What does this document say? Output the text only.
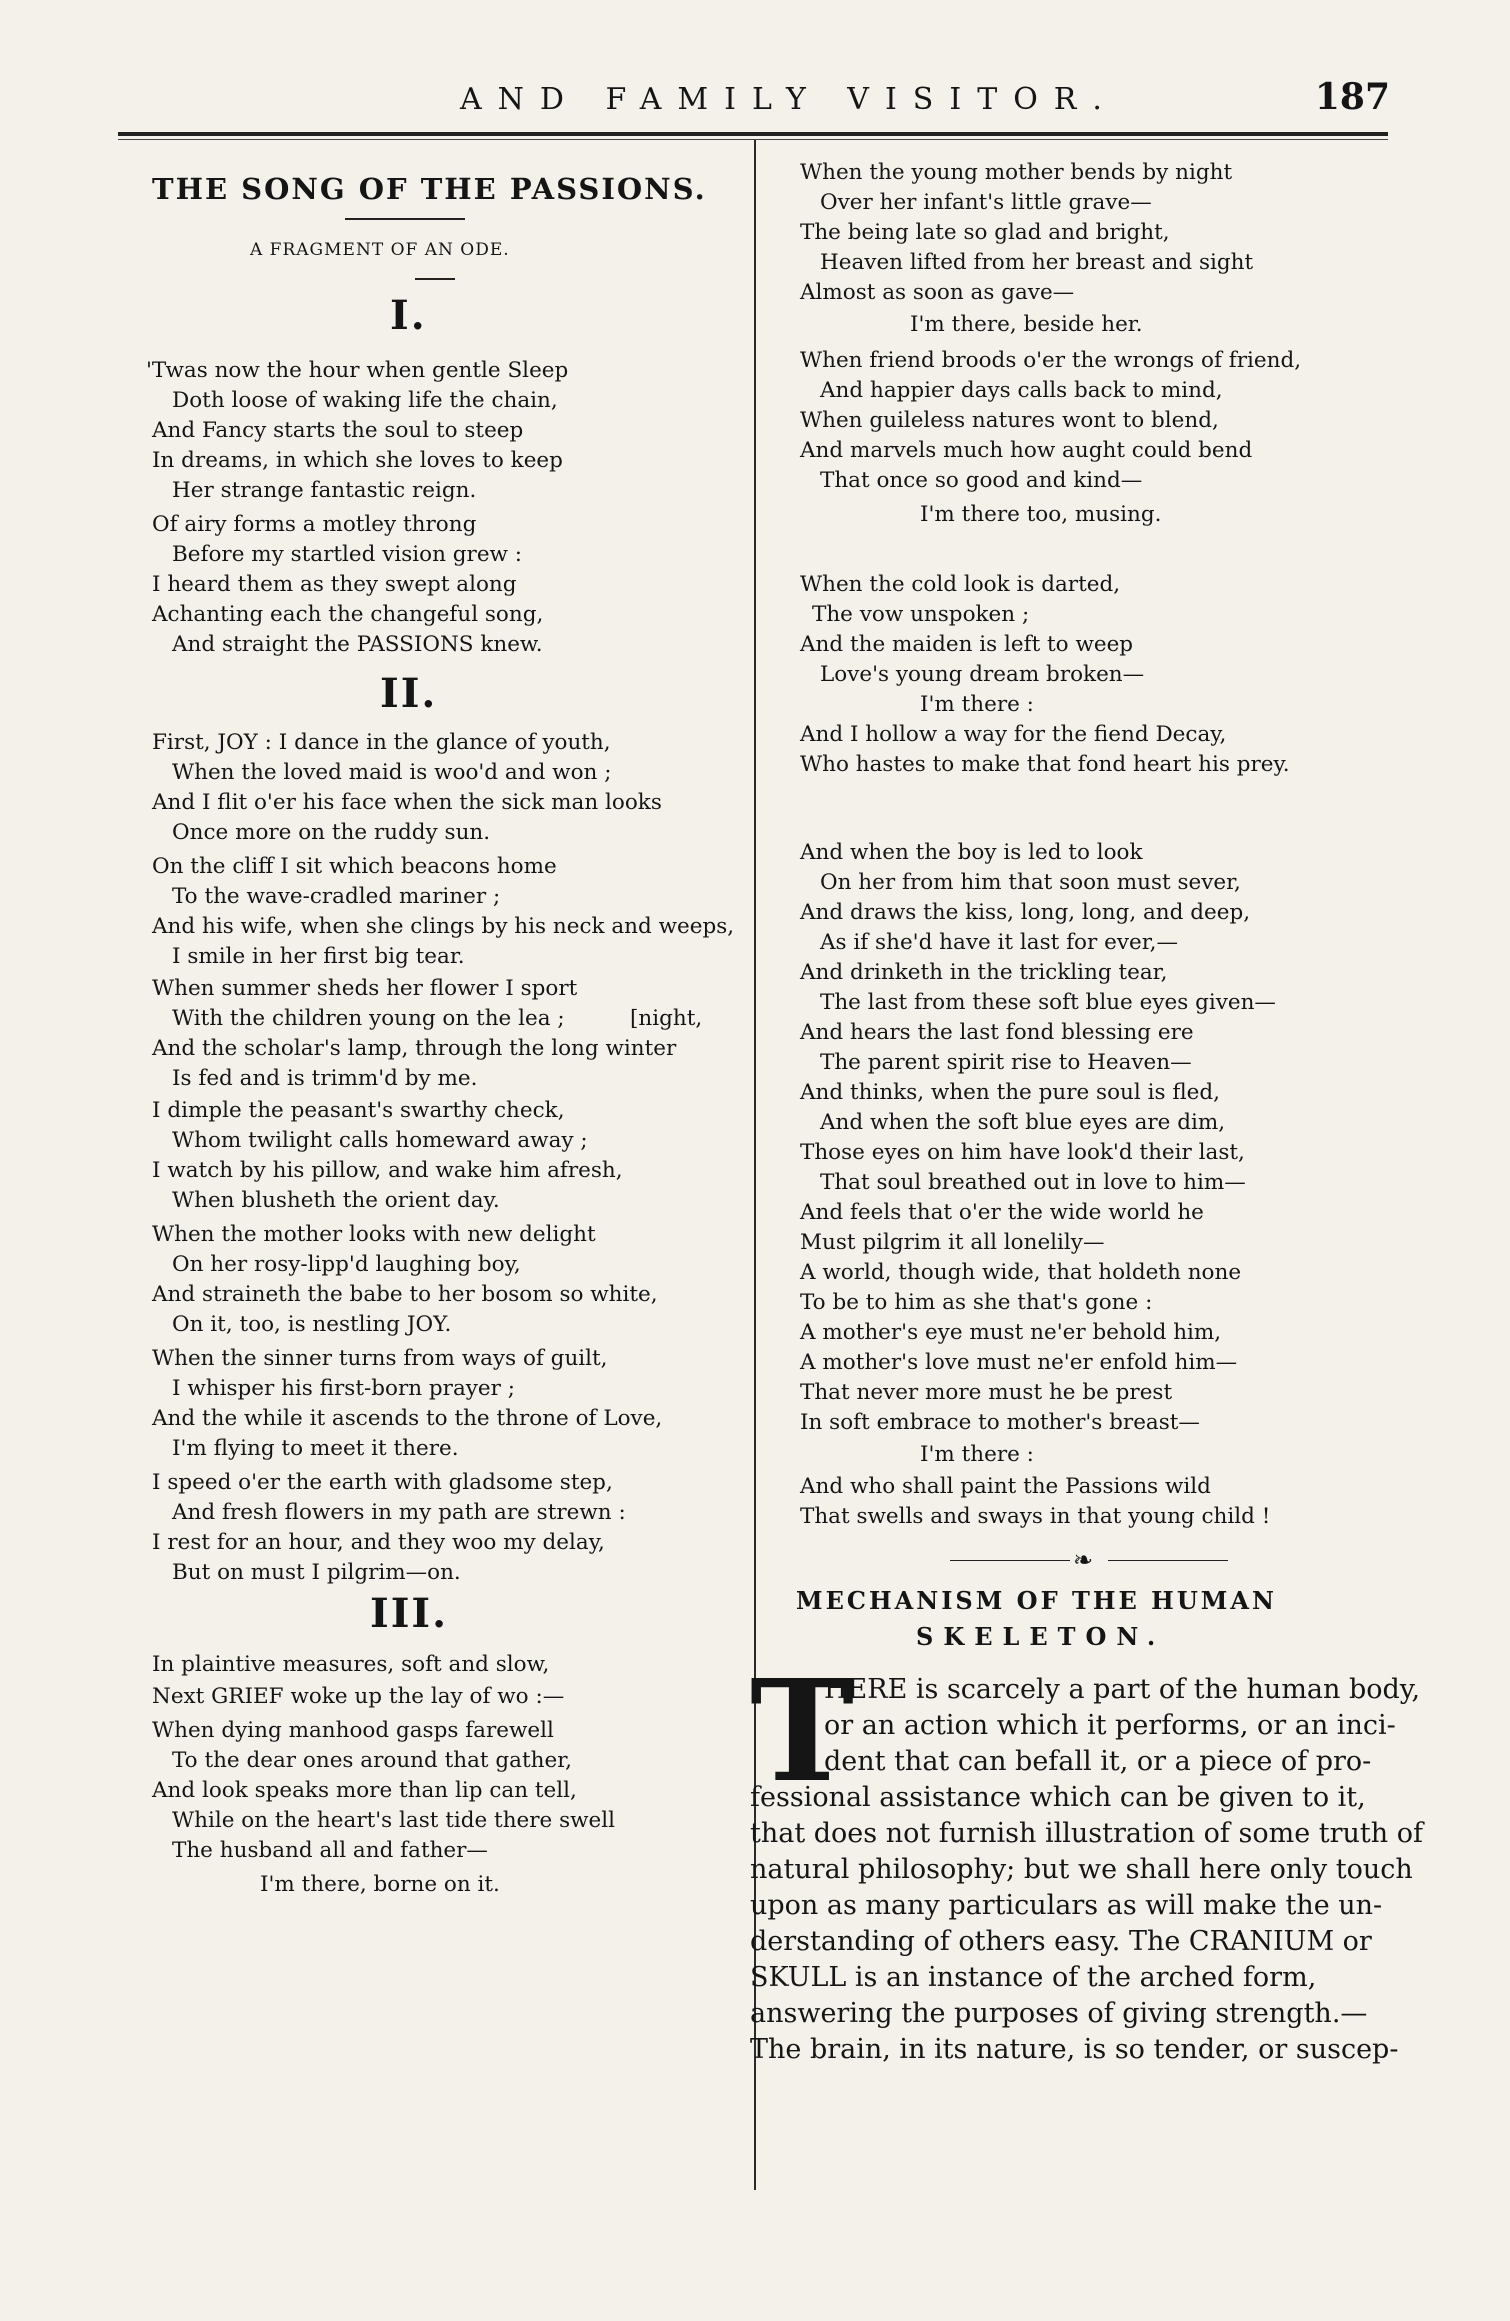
AND FAMILY VISITOR.	187
THE SONG OF THE PASSIONS.
A FRAGMENT OF AN ODE.
I.
'Twas now the hour when gentle Sleep
Doth loose of waking life the chain,
And Fancy starts the soul to steep
In dreams, in which she loves to keep
Her strange fantastic reign.
Of airy forms a motley throng
Before my startled vision grew :
I heard them as they swept along
Achanting each the changeful song,
And straight the PASSIONS knew.
II.
First, JOY : I dance in the glance of youth,
When the loved maid is woo'd and won ;
And I flit o'er his face when the sick man looks
Once more on the ruddy sun.
On the cliff I sit which beacons home
To the wave-cradled mariner ;
And his wife, when she clings by his neck and weeps,
I smile in her first big tear.
When summer sheds her flower I sport
With the children young on the lea ;	[night,
And the scholar's lamp, through the long winter
Is fed and is trimm'd by me.
I dimple the peasant's swarthy check,
Whom twilight calls homeward away ;
I watch by his pillow, and wake him afresh,
When blusheth the orient day.
When the mother looks with new delight
On her rosy-lipp'd laughing boy,
And straineth the babe to her bosom so white,
On it, too, is nestling JOY.
When the sinner turns from ways of guilt,
I whisper his first-born prayer ;
And the while it ascends to the throne of Love,
I'm flying to meet it there.
I speed o'er the earth with gladsome step,
And fresh flowers in my path are strewn :
I rest for an hour, and they woo my delay,
But on must I pilgrim—on.
III.
In plaintive measures, soft and slow,
Next GRIEF woke up the lay of wo :—
When dying manhood gasps farewell
To the dear ones around that gather,
And look speaks more than lip can tell,
While on the heart's last tide there swell
The husband all and father—
I'm there, borne on it.
When the young mother bends by night
Over her infant's little grave—
The being late so glad and bright,
Heaven lifted from her breast and sight
Almost as soon as gave—
I'm there, beside her.
When friend broods o'er the wrongs of friend,
And happier days calls back to mind,
When guileless natures wont to blend,
And marvels much how aught could bend
That once so good and kind—
I'm there too, musing.
When the cold look is darted,
The vow unspoken ;
And the maiden is left to weep
Love's young dream broken—
I'm there :
And I hollow a way for the fiend Decay,
Who hastes to make that fond heart his prey.
And when the boy is led to look
On her from him that soon must sever,
And draws the kiss, long, long, and deep,
As if she'd have it last for ever,—
And drinketh in the trickling tear,
The last from these soft blue eyes given—
And hears the last fond blessing ere
The parent spirit rise to Heaven—
And thinks, when the pure soul is fled,
And when the soft blue eyes are dim,
Those eyes on him have look'd their last,
That soul breathed out in love to him—
And feels that o'er the wide world he
Must pilgrim it all lonelily—
A world, though wide, that holdeth none
To be to him as she that's gone :
A mother's eye must ne'er behold him,
A mother's love must ne'er enfold him—
That never more must he be prest
In soft embrace to mother's breast—
I'm there :
And who shall paint the Passions wild
That swells and sways in that young child !
❧
MECHANISM OF THE HUMAN
SKELETON.
T
HERE is scarcely a part of the human body,
or an action which it performs, or an inci-
dent that can befall it, or a piece of pro-
fessional assistance which can be given to it,
that does not furnish illustration of some truth of
natural philosophy; but we shall here only touch
upon as many particulars as will make the un-
derstanding of others easy. The CRANIUM or
SKULL is an instance of the arched form,
answering the purposes of giving strength.—
The brain, in its nature, is so tender, or suscep-
